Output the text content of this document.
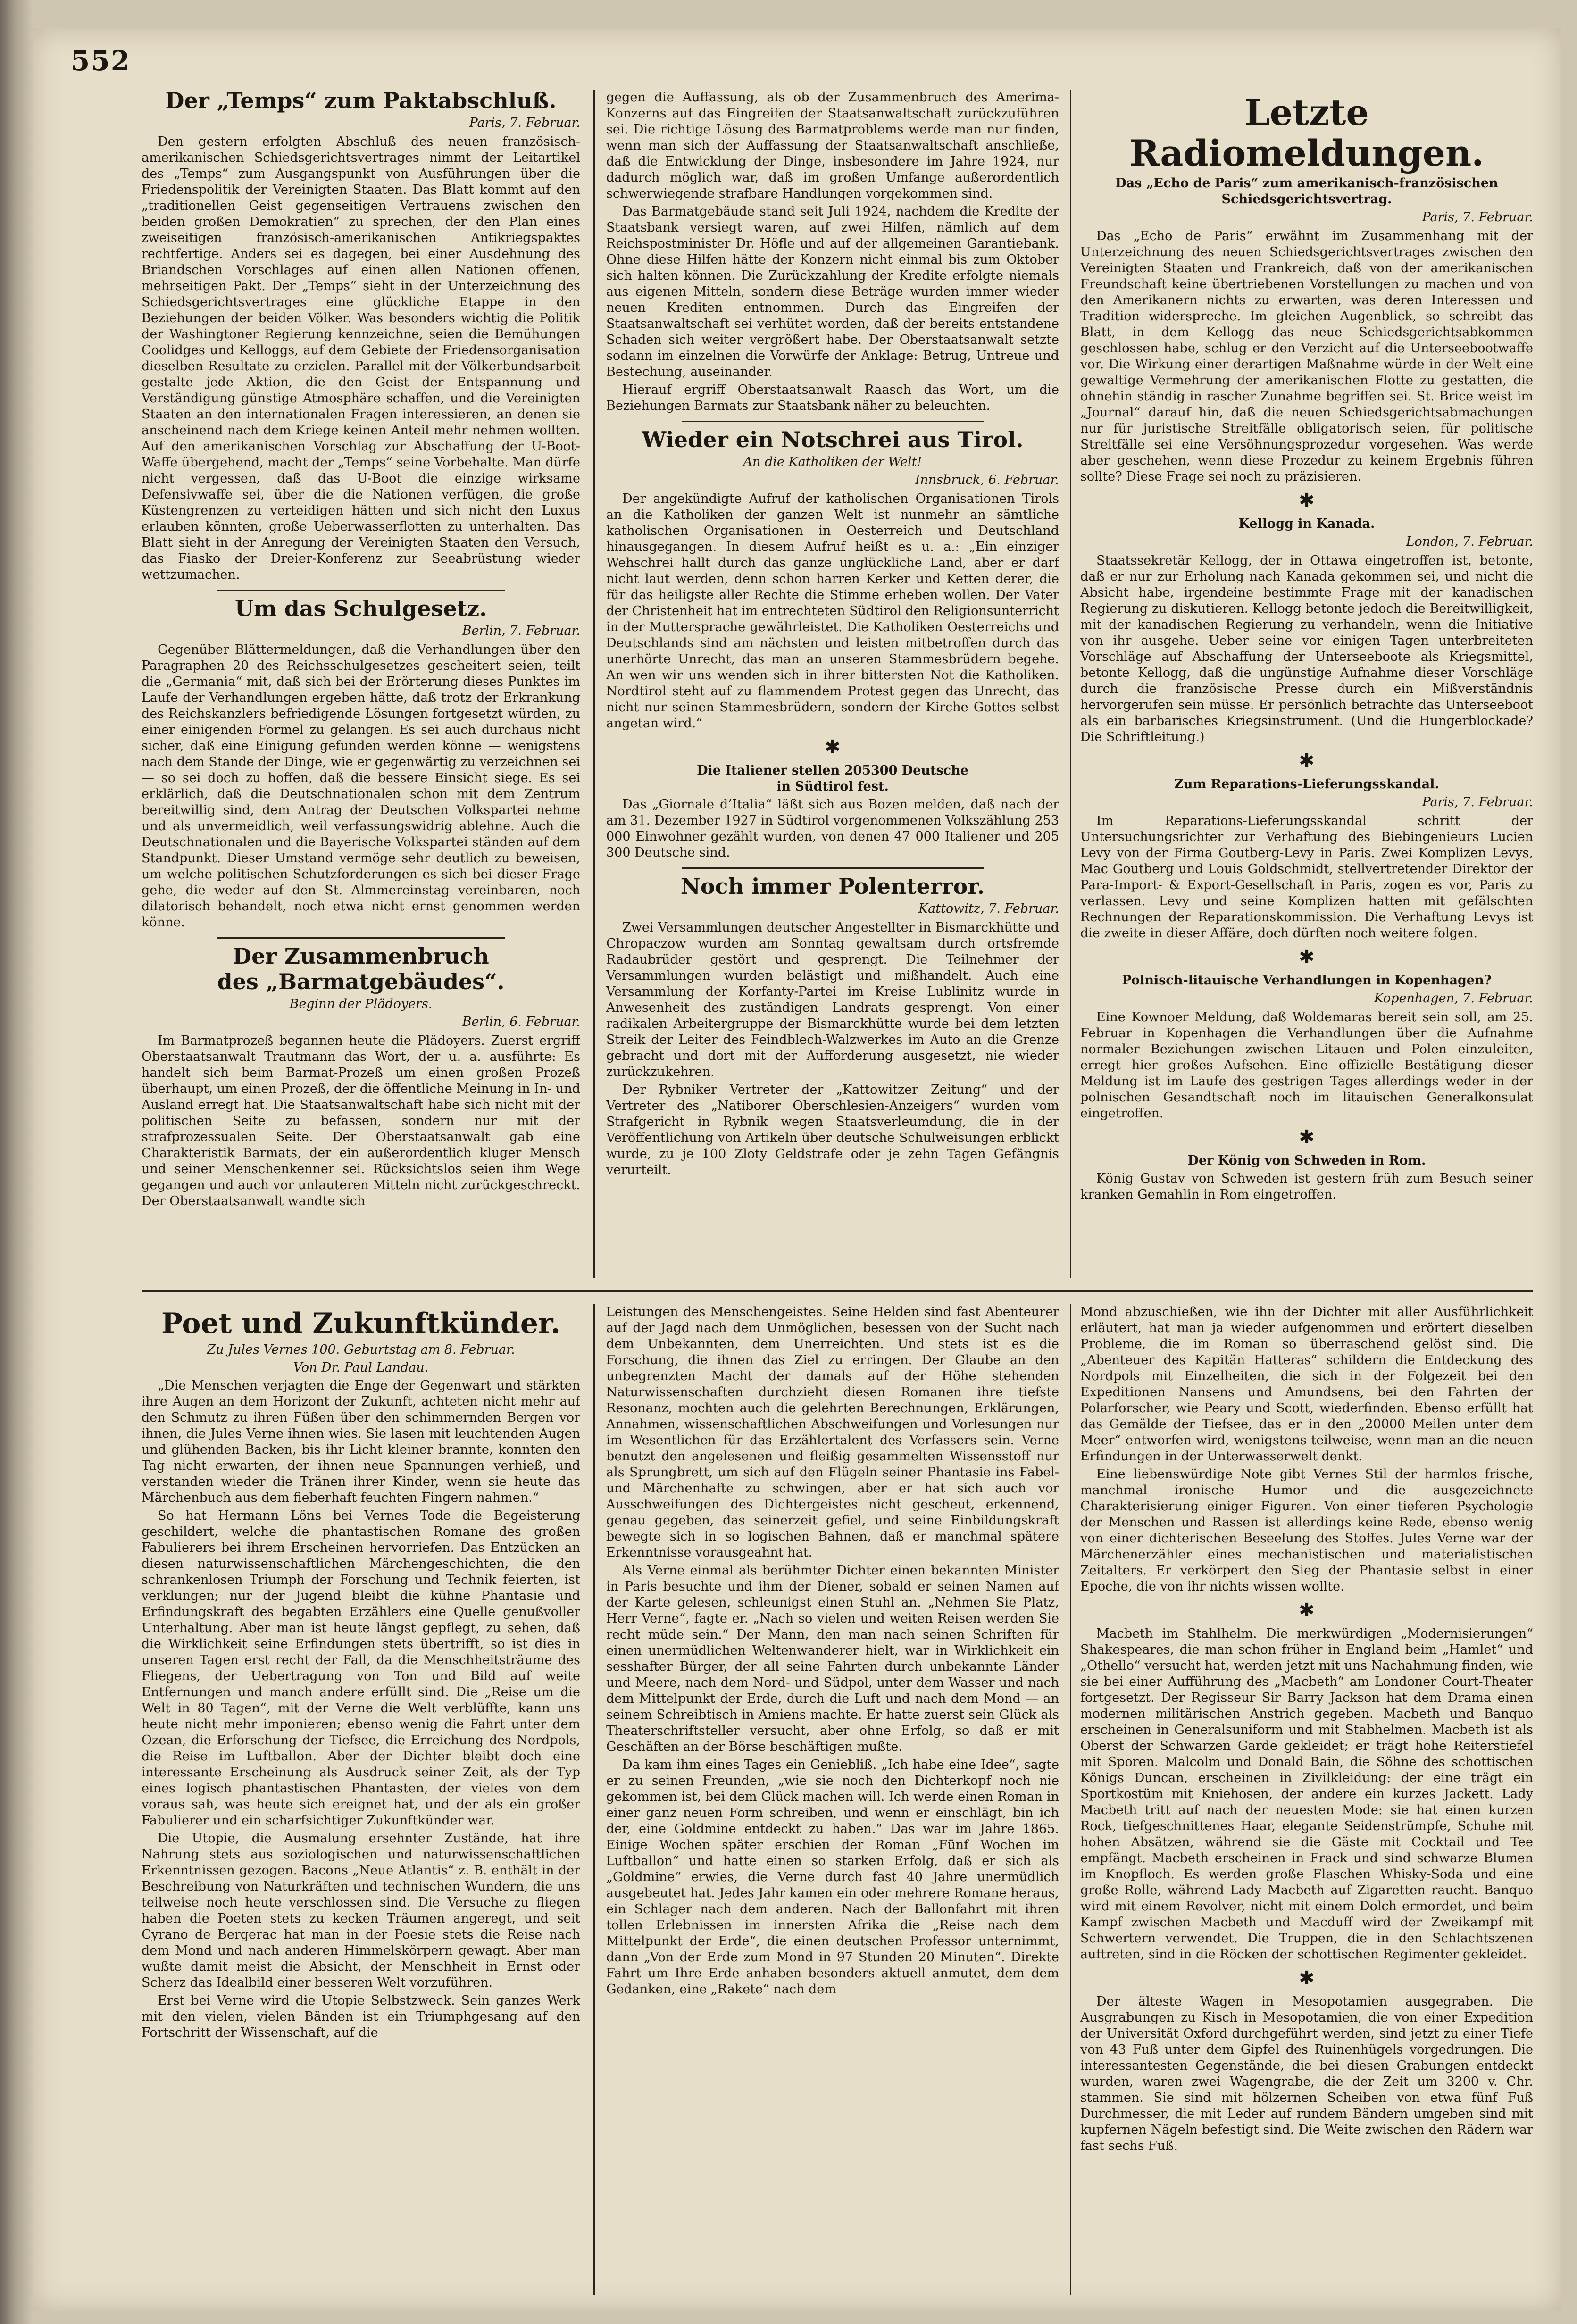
552
Der „Temps“ zum Paktabschluß.
Paris, 7. Februar.

Den gestern erfolgten Abschluß des neuen französisch-amerikanischen Schiedsgerichtsvertrages nimmt der Leitartikel des „Temps“ zum Ausgangspunkt von Ausführungen über die Friedenspolitik der Vereinigten Staaten. Das Blatt kommt auf den „traditionellen Geist gegenseitigen Vertrauens zwischen den beiden großen Demokratien“ zu sprechen, der den Plan eines zweiseitigen französisch-amerikanischen Antikriegspaktes rechtfertige. Anders sei es dagegen, bei einer Ausdehnung des Briandschen Vorschlages auf einen allen Nationen offenen, mehrseitigen Pakt. Der „Temps“ sieht in der Unterzeichnung des Schiedsgerichtsvertrages eine glückliche Etappe in den Beziehungen der beiden Völker. Was besonders wichtig die Politik der Washingtoner Regierung kennzeichne, seien die Bemühungen Coolidges und Kelloggs, auf dem Gebiete der Friedensorganisation dieselben Resultate zu erzielen. Parallel mit der Völkerbundsarbeit gestalte jede Aktion, die den Geist der Entspannung und Verständigung günstige Atmosphäre schaffen, und die Vereinigten Staaten an den internationalen Fragen interessieren, an denen sie anscheinend nach dem Kriege keinen Anteil mehr nehmen wollten. Auf den amerikanischen Vorschlag zur Abschaffung der U-Boot-Waffe übergehend, macht der „Temps“ seine Vorbehalte. Man dürfe nicht vergessen, daß das U-Boot die einzige wirksame Defensivwaffe sei, über die die Nationen verfügen, die große Küstengrenzen zu verteidigen hätten und sich nicht den Luxus erlauben könnten, große Ueberwasserflotten zu unterhalten. Das Blatt sieht in der Anregung der Vereinigten Staaten den Versuch, das Fiasko der Dreier-Konferenz zur Seeabrüstung wieder wettzumachen.

Um das Schulgesetz.
Berlin, 7. Februar.

Gegenüber Blättermeldungen, daß die Verhandlungen über den Paragraphen 20 des Reichsschulgesetzes gescheitert seien, teilt die „Germania“ mit, daß sich bei der Erörterung dieses Punktes im Laufe der Verhandlungen ergeben hätte, daß trotz der Erkrankung des Reichskanzlers befriedigende Lösungen fortgesetzt würden, zu einer einigenden Formel zu gelangen. Es sei auch durchaus nicht sicher, daß eine Einigung gefunden werden könne — wenigstens nach dem Stande der Dinge, wie er gegenwärtig zu verzeichnen sei — so sei doch zu hoffen, daß die bessere Einsicht siege. Es sei erklärlich, daß die Deutschnationalen schon mit dem Zentrum bereitwillig sind, dem Antrag der Deutschen Volkspartei nehme und als unvermeidlich, weil verfassungswidrig ablehne. Auch die Deutschnationalen und die Bayerische Volkspartei ständen auf dem Standpunkt. Dieser Umstand vermöge sehr deutlich zu beweisen, um welche politischen Schutzforderungen es sich bei dieser Frage gehe, die weder auf den St. Almmereinstag vereinbaren, noch dilatorisch behandelt, noch etwa nicht ernst genommen werden könne.

Der Zusammenbruch
des „Barmatgebäudes“.
Beginn der Plädoyers.
Berlin, 6. Februar.

Im Barmatprozeß begannen heute die Plädoyers. Zuerst ergriff Oberstaatsanwalt Trautmann das Wort, der u. a. ausführte: Es handelt sich beim Barmat-Prozeß um einen großen Prozeß überhaupt, um einen Prozeß, der die öffentliche Meinung in In- und Ausland erregt hat. Die Staatsanwaltschaft habe sich nicht mit der politischen Seite zu befassen, sondern nur mit der strafprozessualen Seite. Der Oberstaatsanwalt gab eine Charakteristik Barmats, der ein außerordentlich kluger Mensch und seiner Menschenkenner sei. Rücksichtslos seien ihm Wege gegangen und auch vor unlauteren Mitteln nicht zurückgeschreckt. Der Oberstaatsanwalt wandte sich

gegen die Auffassung, als ob der Zusammenbruch des Amerima-Konzerns auf das Eingreifen der Staatsanwaltschaft zurückzuführen sei. Die richtige Lösung des Barmatproblems werde man nur finden, wenn man sich der Auffassung der Staatsanwaltschaft anschließe, daß die Entwicklung der Dinge, insbesondere im Jahre 1924, nur dadurch möglich war, daß im großen Umfange außerordentlich schwerwiegende strafbare Handlungen vorgekommen sind.

Das Barmatgebäude stand seit Juli 1924, nachdem die Kredite der Staatsbank versiegt waren, auf zwei Hilfen, nämlich auf dem Reichspostminister Dr. Höfle und auf der allgemeinen Garantiebank. Ohne diese Hilfen hätte der Konzern nicht einmal bis zum Oktober sich halten können. Die Zurückzahlung der Kredite erfolgte niemals aus eigenen Mitteln, sondern diese Beträge wurden immer wieder neuen Krediten entnommen. Durch das Eingreifen der Staatsanwaltschaft sei verhütet worden, daß der bereits entstandene Schaden sich weiter vergrößert habe. Der Oberstaatsanwalt setzte sodann im einzelnen die Vorwürfe der Anklage: Betrug, Untreue und Bestechung, auseinander.

Hierauf ergriff Oberstaatsanwalt Raasch das Wort, um die Beziehungen Barmats zur Staatsbank näher zu beleuchten.

Wieder ein Notschrei aus Tirol.
An die Katholiken der Welt!
Innsbruck, 6. Februar.

Der angekündigte Aufruf der katholischen Organisationen Tirols an die Katholiken der ganzen Welt ist nunmehr an sämtliche katholischen Organisationen in Oesterreich und Deutschland hinausgegangen. In diesem Aufruf heißt es u. a.: „Ein einziger Wehschrei hallt durch das ganze unglückliche Land, aber er darf nicht laut werden, denn schon harren Kerker und Ketten derer, die für das heiligste aller Rechte die Stimme erheben wollen. Der Vater der Christenheit hat im entrechteten Südtirol den Religionsunterricht in der Muttersprache gewährleistet. Die Katholiken Oesterreichs und Deutschlands sind am nächsten und leisten mitbetroffen durch das unerhörte Unrecht, das man an unseren Stammesbrüdern begehe. An wen wir uns wenden sich in ihrer bittersten Not die Katholiken. Nordtirol steht auf zu flammendem Protest gegen das Unrecht, das nicht nur seinen Stammesbrüdern, sondern der Kirche Gottes selbst angetan wird.“

✱
Die Italiener stellen 205300 Deutsche
in Südtirol fest.

Das „Giornale d’Italia“ läßt sich aus Bozen melden, daß nach der am 31. Dezember 1927 in Südtirol vorgenommenen Volkszählung 253 000 Einwohner gezählt wurden, von denen 47 000 Italiener und 205 300 Deutsche sind.

Noch immer Polenterror.
Kattowitz, 7. Februar.

Zwei Versammlungen deutscher Angestellter in Bismarckhütte und Chropaczow wurden am Sonntag gewaltsam durch ortsfremde Radaubrüder gestört und gesprengt. Die Teilnehmer der Versammlungen wurden belästigt und mißhandelt. Auch eine Versammlung der Korfanty-Partei im Kreise Lublinitz wurde in Anwesenheit des zuständigen Landrats gesprengt. Von einer radikalen Arbeitergruppe der Bismarckhütte wurde bei dem letzten Streik der Leiter des Feindblech-Walzwerkes im Auto an die Grenze gebracht und dort mit der Aufforderung ausgesetzt, nie wieder zurückzukehren.

Der Rybniker Vertreter der „Kattowitzer Zeitung“ und der Vertreter des „Natiborer Oberschlesien-Anzeigers“ wurden vom Strafgericht in Rybnik wegen Staatsverleumdung, die in der Veröffentlichung von Artikeln über deutsche Schulweisungen erblickt wurde, zu je 100 Zloty Geldstrafe oder je zehn Tagen Gefängnis verurteilt.

Letzte Radiomeldungen.
Das „Echo de Paris“ zum amerikanisch-französischen Schiedsgerichtsvertrag.
Paris, 7. Februar.

Das „Echo de Paris“ erwähnt im Zusammenhang mit der Unterzeichnung des neuen Schiedsgerichtsvertrages zwischen den Vereinigten Staaten und Frankreich, daß von der amerikanischen Freundschaft keine übertriebenen Vorstellungen zu machen und von den Amerikanern nichts zu erwarten, was deren Interessen und Tradition widerspreche. Im gleichen Augenblick, so schreibt das Blatt, in dem Kellogg das neue Schiedsgerichtsabkommen geschlossen habe, schlug er den Verzicht auf die Unterseebootwaffe vor. Die Wirkung einer derartigen Maßnahme würde in der Welt eine gewaltige Vermehrung der amerikanischen Flotte zu gestatten, die ohnehin ständig in rascher Zunahme begriffen sei. St. Brice weist im „Journal“ darauf hin, daß die neuen Schiedsgerichtsabmachungen nur für juristische Streitfälle obligatorisch seien, für politische Streitfälle sei eine Versöhnungsprozedur vorgesehen. Was werde aber geschehen, wenn diese Prozedur zu keinem Ergebnis führen sollte? Diese Frage sei noch zu präzisieren.

✱
Kellogg in Kanada.
London, 7. Februar.

Staatssekretär Kellogg, der in Ottawa eingetroffen ist, betonte, daß er nur zur Erholung nach Kanada gekommen sei, und nicht die Absicht habe, irgendeine bestimmte Frage mit der kanadischen Regierung zu diskutieren. Kellogg betonte jedoch die Bereitwilligkeit, mit der kanadischen Regierung zu verhandeln, wenn die Initiative von ihr ausgehe. Ueber seine vor einigen Tagen unterbreiteten Vorschläge auf Abschaffung der Unterseeboote als Kriegsmittel, betonte Kellogg, daß die ungünstige Aufnahme dieser Vorschläge durch die französische Presse durch ein Mißverständnis hervorgerufen sein müsse. Er persönlich betrachte das Unterseeboot als ein barbarisches Kriegsinstrument. (Und die Hungerblockade? Die Schriftleitung.)

✱
Zum Reparations-Lieferungsskandal.
Paris, 7. Februar.

Im Reparations-Lieferungsskandal schritt der Untersuchungsrichter zur Verhaftung des Biebingenieurs Lucien Levy von der Firma Goutberg-Levy in Paris. Zwei Komplizen Levys, Mac Goutberg und Louis Goldschmidt, stellvertretender Direktor der Para-Import- & Export-Gesellschaft in Paris, zogen es vor, Paris zu verlassen. Levy und seine Komplizen hatten mit gefälschten Rechnungen der Reparationskommission. Die Verhaftung Levys ist die zweite in dieser Affäre, doch dürften noch weitere folgen.

✱
Polnisch-litauische Verhandlungen in Kopenhagen?
Kopenhagen, 7. Februar.

Eine Kownoer Meldung, daß Woldemaras bereit sein soll, am 25. Februar in Kopenhagen die Verhandlungen über die Aufnahme normaler Beziehungen zwischen Litauen und Polen einzuleiten, erregt hier großes Aufsehen. Eine offizielle Bestätigung dieser Meldung ist im Laufe des gestrigen Tages allerdings weder in der polnischen Gesandtschaft noch im litauischen Generalkonsulat eingetroffen.

✱
Der König von Schweden in Rom.

König Gustav von Schweden ist gestern früh zum Besuch seiner kranken Gemahlin in Rom eingetroffen.

Poet und Zukunftkünder.
Zu Jules Vernes 100. Geburtstag am 8. Februar.
Von Dr. Paul Landau.

„Die Menschen verjagten die Enge der Gegenwart und stärkten ihre Augen an dem Horizont der Zukunft, achteten nicht mehr auf den Schmutz zu ihren Füßen über den schimmernden Bergen vor ihnen, die Jules Verne ihnen wies. Sie lasen mit leuchtenden Augen und glühenden Backen, bis ihr Licht kleiner brannte, konnten den Tag nicht erwarten, der ihnen neue Spannungen verhieß, und verstanden wieder die Tränen ihrer Kinder, wenn sie heute das Märchenbuch aus dem fieberhaft feuchten Fingern nahmen.“

So hat Hermann Löns bei Vernes Tode die Begeisterung geschildert, welche die phantastischen Romane des großen Fabulierers bei ihrem Erscheinen hervorriefen. Das Entzücken an diesen naturwissenschaftlichen Märchengeschichten, die den schrankenlosen Triumph der Forschung und Technik feierten, ist verklungen; nur der Jugend bleibt die kühne Phantasie und Erfindungskraft des begabten Erzählers eine Quelle genußvoller Unterhaltung. Aber man ist heute längst gepflegt, zu sehen, daß die Wirklichkeit seine Erfindungen stets übertrifft, so ist dies in unseren Tagen erst recht der Fall, da die Menschheitsträume des Fliegens, der Uebertragung von Ton und Bild auf weite Entfernungen und manch andere erfüllt sind. Die „Reise um die Welt in 80 Tagen“, mit der Verne die Welt verblüffte, kann uns heute nicht mehr imponieren; ebenso wenig die Fahrt unter dem Ozean, die Erforschung der Tiefsee, die Erreichung des Nordpols, die Reise im Luftballon. Aber der Dichter bleibt doch eine interessante Erscheinung als Ausdruck seiner Zeit, als der Typ eines logisch phantastischen Phantasten, der vieles von dem voraus sah, was heute sich ereignet hat, und der als ein großer Fabulierer und ein scharfsichtiger Zukunftkünder war.

Die Utopie, die Ausmalung ersehnter Zustände, hat ihre Nahrung stets aus soziologischen und naturwissenschaftlichen Erkenntnissen gezogen. Bacons „Neue Atlantis“ z. B. enthält in der Beschreibung von Naturkräften und technischen Wundern, die uns teilweise noch heute verschlossen sind. Die Versuche zu fliegen haben die Poeten stets zu kecken Träumen angeregt, und seit Cyrano de Bergerac hat man in der Poesie stets die Reise nach dem Mond und nach anderen Himmelskörpern gewagt. Aber man wußte damit meist die Absicht, der Menschheit in Ernst oder Scherz das Idealbild einer besseren Welt vorzuführen.

Erst bei Verne wird die Utopie Selbstzweck. Sein ganzes Werk mit den vielen, vielen Bänden ist ein Triumphgesang auf den Fortschritt der Wissenschaft, auf die

Leistungen des Menschengeistes. Seine Helden sind fast Abenteurer auf der Jagd nach dem Unmöglichen, besessen von der Sucht nach dem Unbekannten, dem Unerreichten. Und stets ist es die Forschung, die ihnen das Ziel zu erringen. Der Glaube an den unbegrenzten Macht der damals auf der Höhe stehenden Naturwissenschaften durchzieht diesen Romanen ihre tiefste Resonanz, mochten auch die gelehrten Berechnungen, Erklärungen, Annahmen, wissenschaftlichen Abschweifungen und Vorlesungen nur im Wesentlichen für das Erzählertalent des Verfassers sein. Verne benutzt den angelesenen und fleißig gesammelten Wissensstoff nur als Sprungbrett, um sich auf den Flügeln seiner Phantasie ins Fabel- und Märchenhafte zu schwingen, aber er hat sich auch vor Ausschweifungen des Dichtergeistes nicht gescheut, erkennend, genau gegeben, das seinerzeit gefiel, und seine Einbildungskraft bewegte sich in so logischen Bahnen, daß er manchmal spätere Erkenntnisse vorausgeahnt hat.

Als Verne einmal als berühmter Dichter einen bekannten Minister in Paris besuchte und ihm der Diener, sobald er seinen Namen auf der Karte gelesen, schleunigst einen Stuhl an. „Nehmen Sie Platz, Herr Verne“, fagte er. „Nach so vielen und weiten Reisen werden Sie recht müde sein.“ Der Mann, den man nach seinen Schriften für einen unermüdlichen Weltenwanderer hielt, war in Wirklichkeit ein sesshafter Bürger, der all seine Fahrten durch unbekannte Länder und Meere, nach dem Nord- und Südpol, unter dem Wasser und nach dem Mittelpunkt der Erde, durch die Luft und nach dem Mond — an seinem Schreibtisch in Amiens machte. Er hatte zuerst sein Glück als Theaterschriftsteller versucht, aber ohne Erfolg, so daß er mit Geschäften an der Börse beschäftigen mußte.

Da kam ihm eines Tages ein Geniebliß. „Ich habe eine Idee“, sagte er zu seinen Freunden, „wie sie noch den Dichterkopf noch nie gekommen ist, bei dem Glück machen will. Ich werde einen Roman in einer ganz neuen Form schreiben, und wenn er einschlägt, bin ich der, eine Goldmine entdeckt zu haben.“ Das war im Jahre 1865. Einige Wochen später erschien der Roman „Fünf Wochen im Luftballon“ und hatte einen so starken Erfolg, daß er sich als „Goldmine“ erwies, die Verne durch fast 40 Jahre unermüdlich ausgebeutet hat. Jedes Jahr kamen ein oder mehrere Romane heraus, ein Schlager nach dem anderen. Nach der Ballonfahrt mit ihren tollen Erlebnissen im innersten Afrika die „Reise nach dem Mittelpunkt der Erde“, die einen deutschen Professor unternimmt, dann „Von der Erde zum Mond in 97 Stunden 20 Minuten“. Direkte Fahrt um Ihre Erde anhaben besonders aktuell anmutet, dem dem Gedanken, eine „Rakete“ nach dem

Mond abzuschießen, wie ihn der Dichter mit aller Ausführlichkeit erläutert, hat man ja wieder aufgenommen und erörtert dieselben Probleme, die im Roman so überraschend gelöst sind. Die „Abenteuer des Kapitän Hatteras“ schildern die Entdeckung des Nordpols mit Einzelheiten, die sich in der Folgezeit bei den Expeditionen Nansens und Amundsens, bei den Fahrten der Polarforscher, wie Peary und Scott, wiederfinden. Ebenso erfüllt hat das Gemälde der Tiefsee, das er in den „20000 Meilen unter dem Meer“ entworfen wird, wenigstens teilweise, wenn man an die neuen Erfindungen in der Unterwasserwelt denkt.

Eine liebenswürdige Note gibt Vernes Stil der harmlos frische, manchmal ironische Humor und die ausgezeichnete Charakterisierung einiger Figuren. Von einer tieferen Psychologie der Menschen und Rassen ist allerdings keine Rede, ebenso wenig von einer dichterischen Beseelung des Stoffes. Jules Verne war der Märchenerzähler eines mechanistischen und materialistischen Zeitalters. Er verkörpert den Sieg der Phantasie selbst in einer Epoche, die von ihr nichts wissen wollte.

✱

Macbeth im Stahlhelm. Die merkwürdigen „Modernisierungen“ Shakespeares, die man schon früher in England beim „Hamlet“ und „Othello“ versucht hat, werden jetzt mit uns Nachahmung finden, wie sie bei einer Aufführung des „Macbeth“ am Londoner Court-Theater fortgesetzt. Der Regisseur Sir Barry Jackson hat dem Drama einen modernen militärischen Anstrich gegeben. Macbeth und Banquo erscheinen in Generalsuniform und mit Stabhelmen. Macbeth ist als Oberst der Schwarzen Garde gekleidet; er trägt hohe Reiterstiefel mit Sporen. Malcolm und Donald Bain, die Söhne des schottischen Königs Duncan, erscheinen in Zivilkleidung: der eine trägt ein Sportkostüm mit Kniehosen, der andere ein kurzes Jackett. Lady Macbeth tritt auf nach der neuesten Mode: sie hat einen kurzen Rock, tiefgeschnittenes Haar, elegante Seidenstrümpfe, Schuhe mit hohen Absätzen, während sie die Gäste mit Cocktail und Tee empfängt. Macbeth erscheinen in Frack und sind schwarze Blumen im Knopfloch. Es werden große Flaschen Whisky-Soda und eine große Rolle, während Lady Macbeth auf Zigaretten raucht. Banquo wird mit einem Revolver, nicht mit einem Dolch ermordet, und beim Kampf zwischen Macbeth und Macduff wird der Zweikampf mit Schwertern verwendet. Die Truppen, die in den Schlachtszenen auftreten, sind in die Röcken der schottischen Regimenter gekleidet.

✱

Der älteste Wagen in Mesopotamien ausgegraben. Die Ausgrabungen zu Kisch in Mesopotamien, die von einer Expedition der Universität Oxford durchgeführt werden, sind jetzt zu einer Tiefe von 43 Fuß unter dem Gipfel des Ruinenhügels vorgedrungen. Die interessantesten Gegenstände, die bei diesen Grabungen entdeckt wurden, waren zwei Wagengrabe, die der Zeit um 3200 v. Chr. stammen. Sie sind mit hölzernen Scheiben von etwa fünf Fuß Durchmesser, die mit Leder auf rundem Bändern umgeben sind mit kupfernen Nägeln befestigt sind. Die Weite zwischen den Rädern war fast sechs Fuß.
